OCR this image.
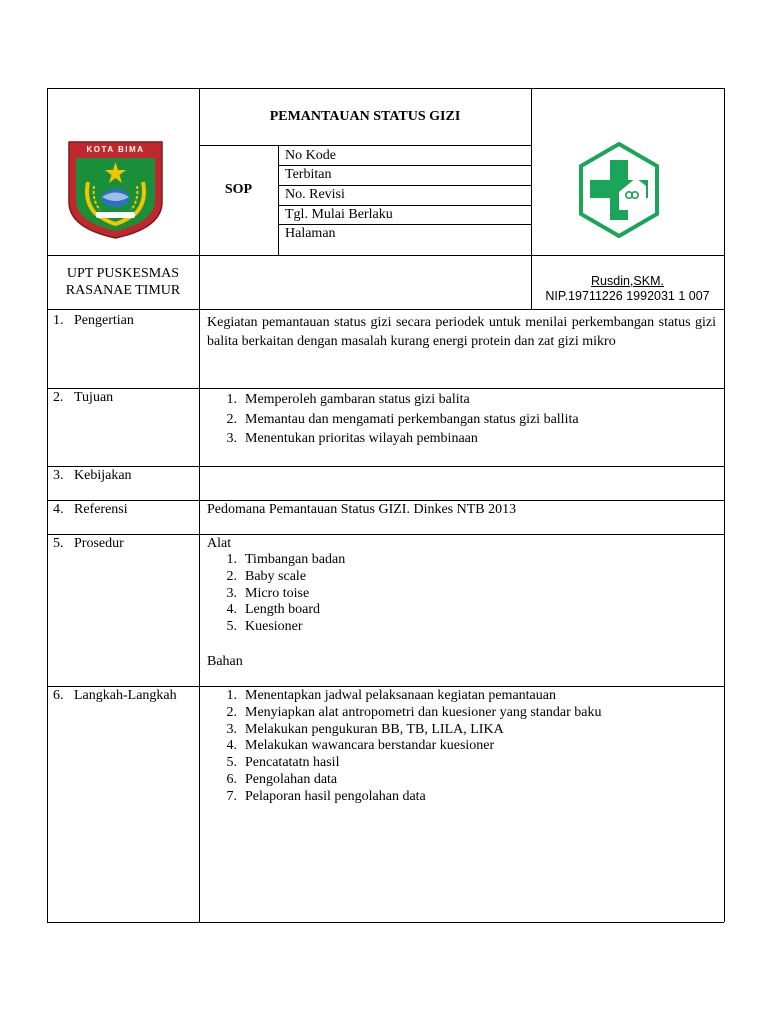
KOTA BIMA
PEMANTAUAN STATUS GIZI
SOP
No Kode
Terbitan
No. Revisi
Tgl. Mulai Berlaku
Halaman
UPT PUSKESMAS
RASANAE TIMUR
Rusdin,SKM.
NIP.19711226 1992031 1 007
1. Pengertian	Kegiatan pemantauan status gizi secara periodek untuk menilai perkembangan status gizi balita berkaitan dengan masalah kurang energi protein dan zat gizi mikro
2. Tujuan	1. Memperoleh gambaran status gizi balita
2. Memantau dan mengamati perkembangan status gizi ballita
3. Menentukan prioritas wilayah pembinaan
3. Kebijakan
4. Referensi	Pedomana Pemantauan Status GIZI. Dinkes NTB 2013
5. Prosedur	Alat
1. Timbangan badan
2. Baby scale
3. Micro toise
4. Length board
5. Kuesioner
Bahan
6. Langkah-Langkah	1. Menentapkan jadwal pelaksanaan kegiatan pemantauan
2. Menyiapkan alat antropometri dan kuesioner yang standar baku
3. Melakukan pengukuran BB, TB, LILA, LIKA
4. Melakukan wawancara berstandar kuesioner
5. Pencatatatn hasil
6. Pengolahan data
7. Pelaporan hasil pengolahan data
